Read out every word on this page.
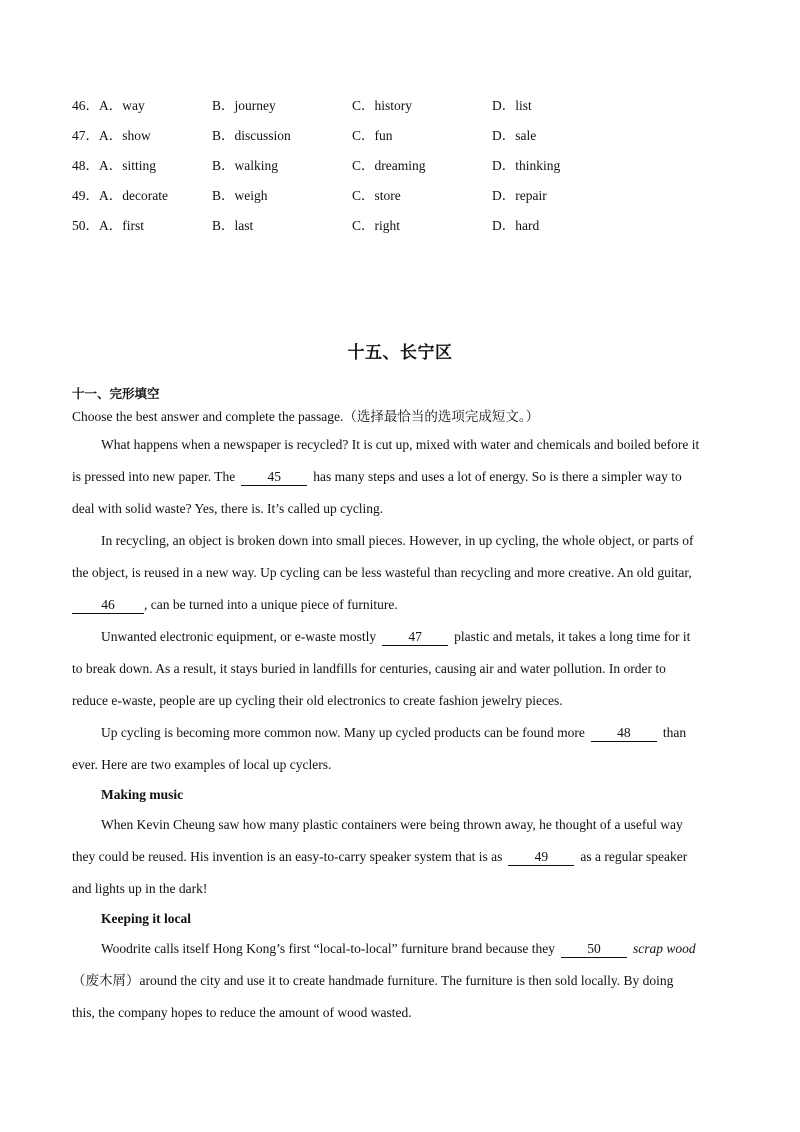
46．A．way	B．journey	C．history	D．list
47．A．show	B．discussion	C．fun	D．sale
48．A．sitting	B．walking	C．dreaming	D．thinking
49．A．decorate	B．weigh	C．store	D．repair
50．A．first	B．last	C．right	D．hard
十五、长宁区
十一、完形填空
Choose the best answer and complete the passage.（选择最恰当的选项完成短文。）
What happens when a newspaper is recycled? It is cut up, mixed with water and chemicals and boiled before it
is pressed into new paper. The 45 has many steps and uses a lot of energy. So is there a simpler way to
deal with solid waste? Yes, there is. It’s called up cycling.
In recycling, an object is broken down into small pieces. However, in up cycling, the whole object, or parts of
the object, is reused in a new way. Up cycling can be less wasteful than recycling and more creative. An old guitar,
46 , can be turned into a unique piece of furniture.
Unwanted electronic equipment, or e-waste mostly 47 plastic and metals, it takes a long time for it
to break down. As a result, it stays buried in landfills for centuries, causing air and water pollution. In order to
reduce e-waste, people are up cycling their old electronics to create fashion jewelry pieces.
Up cycling is becoming more common now. Many up cycled products can be found more 48 than
ever. Here are two examples of local up cyclers.
Making music
When Kevin Cheung saw how many plastic containers were being thrown away, he thought of a useful way
they could be reused. His invention is an easy-to-carry speaker system that is as 49 as a regular speaker
and lights up in the dark!
Keeping it local
Woodrite calls itself Hong Kong’s first “local-to-local” furniture brand because they 50 scrap wood
（废木屑）around the city and use it to create handmade furniture. The furniture is then sold locally. By doing
this, the company hopes to reduce the amount of wood wasted.
